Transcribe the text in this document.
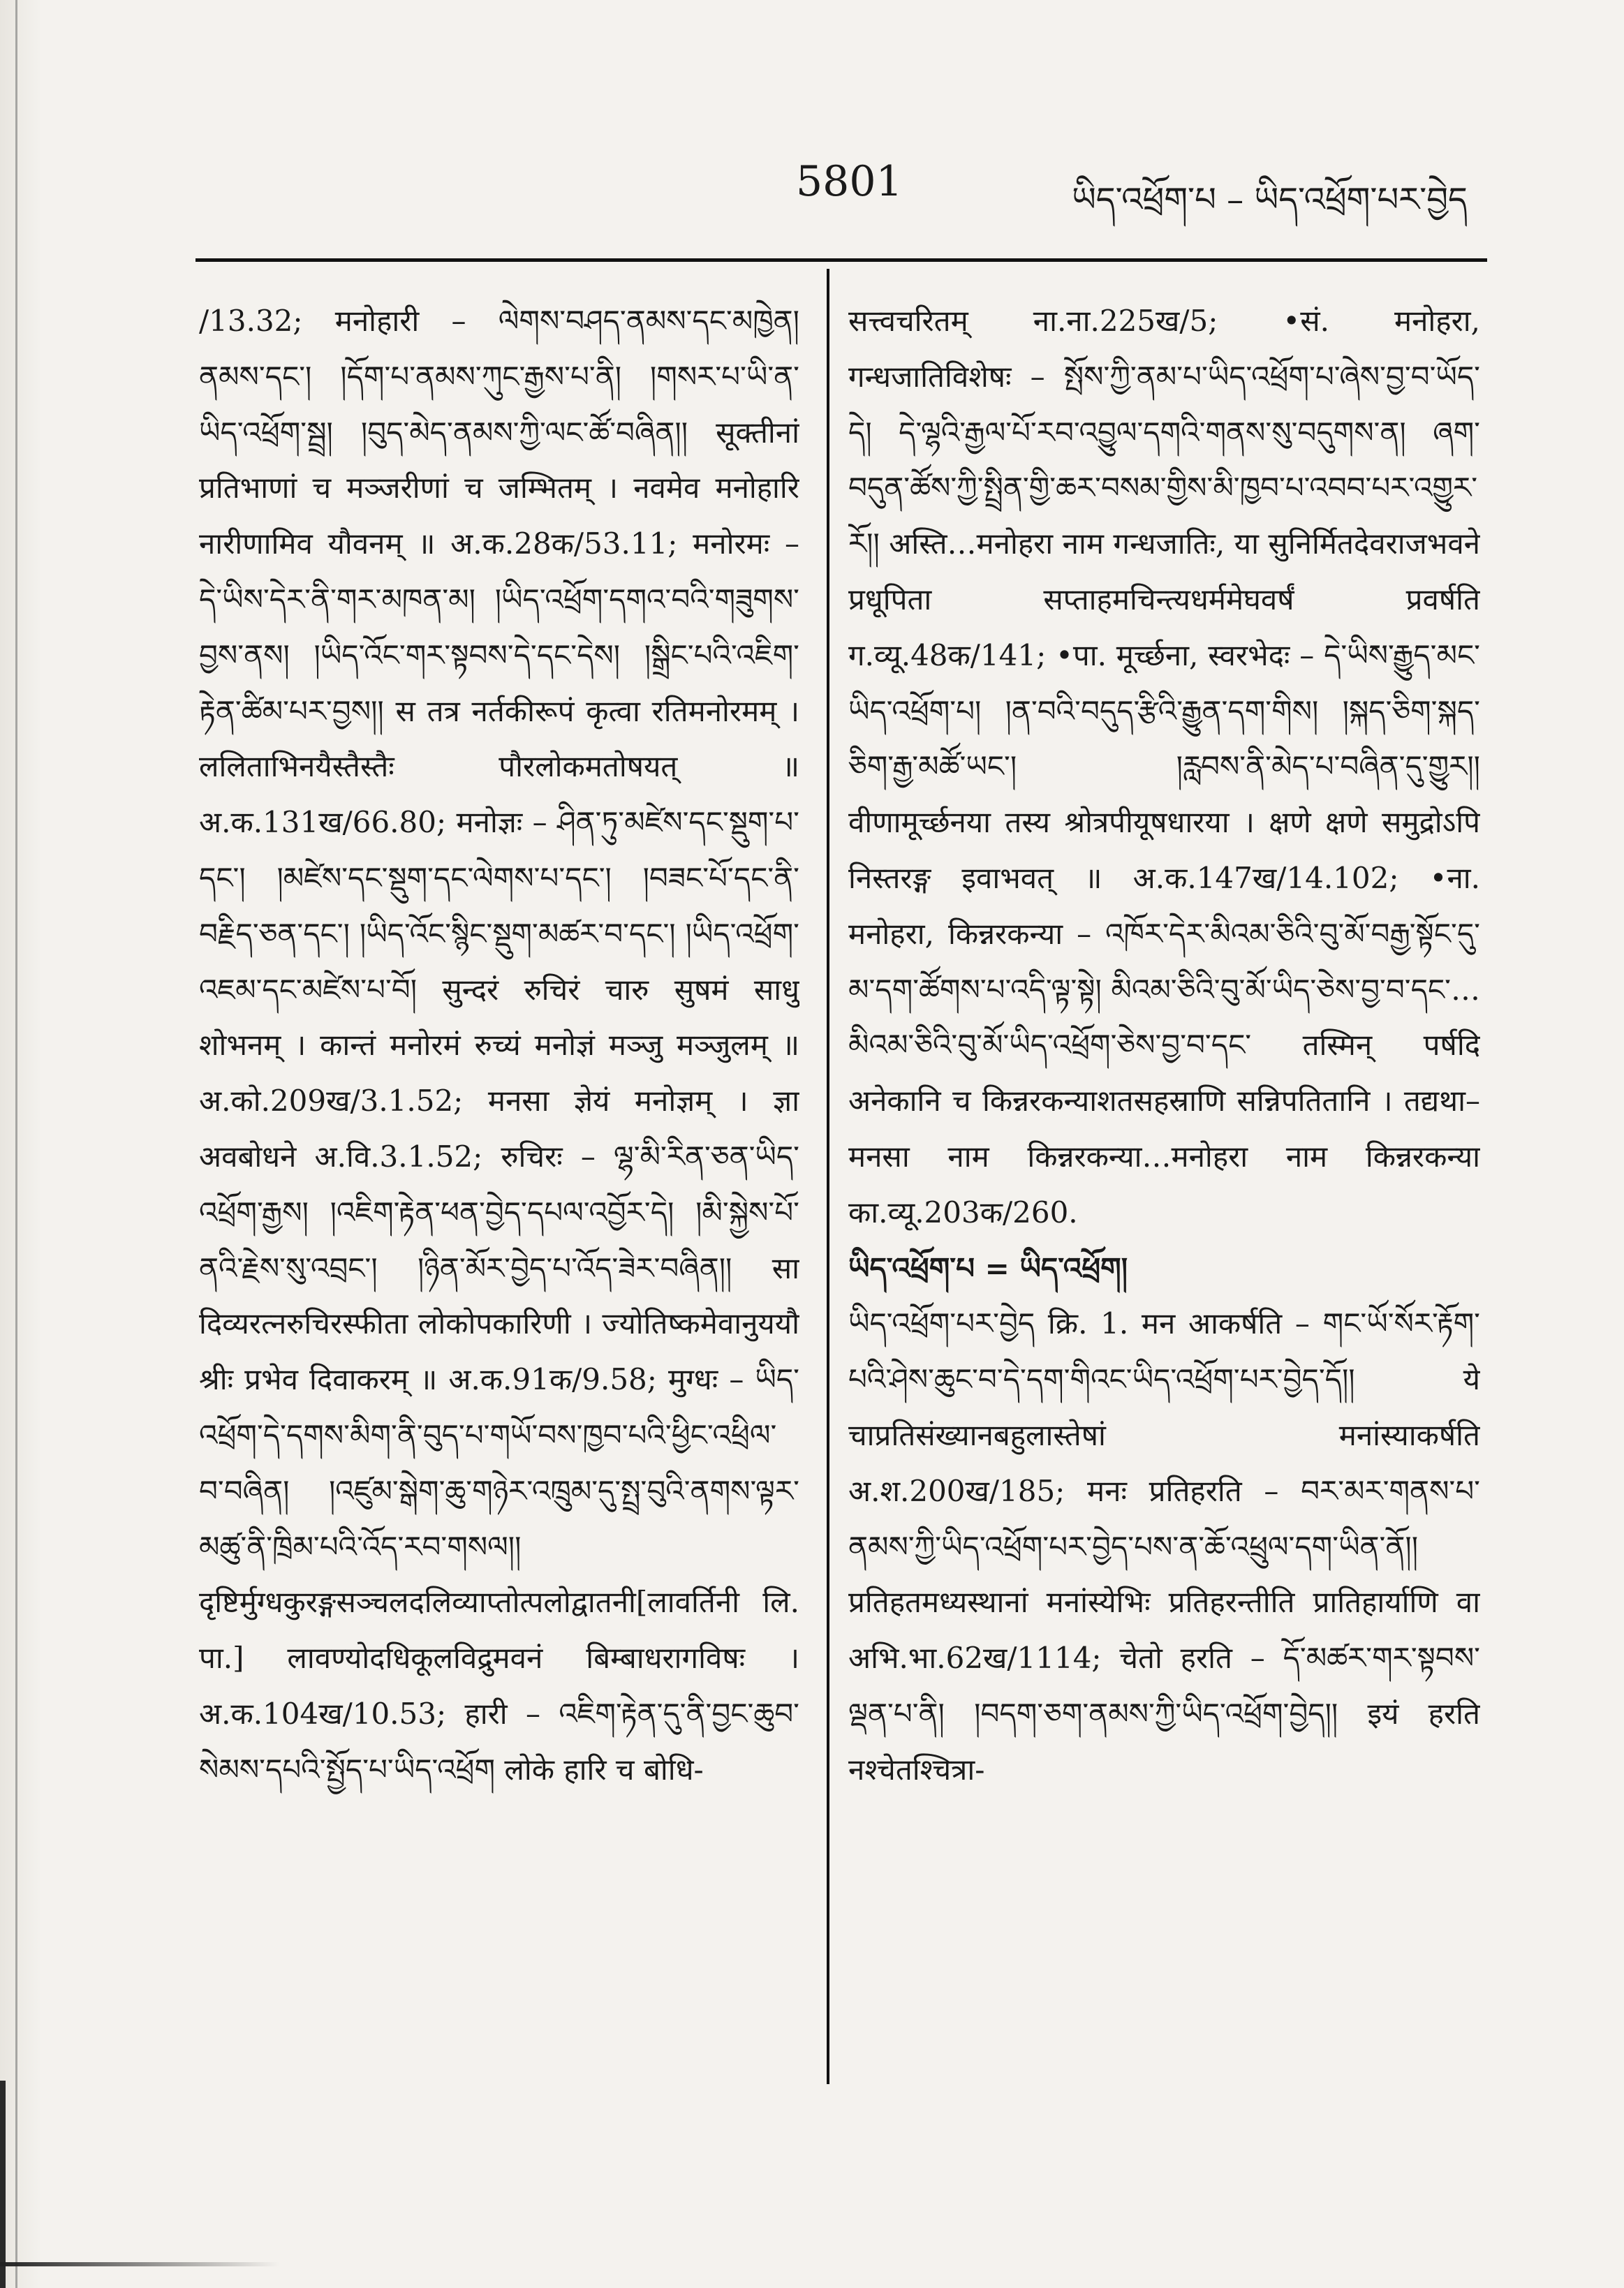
5801	ཡིད་འཕྲོག་པ – ཡིད་འཕྲོག་པར་བྱེད

/13.32; मनोहारी – ལེགས་བཤད་ནམས་དང་མཁྱེན། ནམས་དང་། །དོག་པ་ནམས་ཀུང་རྒྱས་པ་ནི། །གསར་པ་ཡི་ན་ཡིད་འཕྲོག་སྦྲ། །བུད་མེད་ནམས་ཀྱི་ལང་ཚོ་བཞིན།། सूक्तीनां प्रतिभाणां च मञ्जरीणां च जम्भितम् । नवमेव मनोहारि नारीणामिव यौवनम् ॥ अ.क.28क/53.11; मनोरमः – དེ་ཡིས་དེར་ནི་གར་མཁན་མ། །ཡིད་འཕྲོག་དགའ་བའི་གཟུགས་བྱས་ནས། །ཡིད་འོང་གར་སྟབས་དེ་དང་དེས། །སྒྲིང་པའི་འཇིག་རྟེན་ཚིམ་པར་བྱས།། स तत्र नर्तकीरूपं कृत्वा रतिमनोरमम् । ललिताभिनयैस्तैस्तैः पौरलोकमतोषयत् ॥ अ.क.131ख/66.80; मनोज्ञः – ཤིན་ཏུ་མཛེས་དང་སྡུག་པ་དང་། །མཛེས་དང་སྡུག་དང་ལེགས་པ་དང་། །བཟང་པོ་དང་ནི་བརྗིད་ཅན་དང་། །ཡིད་འོང་སྙིང་སྡུག་མཚར་བ་དང་། །ཡིད་འཕྲོག་འཇམ་དང་མཛེས་པ་བོ། सुन्दरं रुचिरं चारु सुषमं साधु शोभनम् । कान्तं मनोरमं रुच्यं मनोज्ञं मञ्जु मञ्जुलम् ॥ अ.को.209ख/3.1.52; मनसा ज्ञेयं मनोज्ञम् । ज्ञा अवबोधने अ.वि.3.1.52; रुचिरः – ལྷ་མི་རིན་ཅན་ཡིད་འཕྲོག་རྒྱས། །འཇིག་རྟེན་ཕན་བྱེད་དཔལ་འབྱོར་དེ། །མི་སྐྱེས་པོ་ནའི་རྗེས་སུ་འབྲང་། །ཉིན་མོར་བྱེད་པ་འོད་ཟེར་བཞིན།། सा दिव्यरत्नरुचिरस्फीता लोकोपकारिणी । ज्योतिष्कमेवानुययौ श्रीः प्रभेव दिवाकरम् ॥ अ.क.91क/9.58; मुग्धः – ཡིད་འཕྲོག་དེ་དགས་མིག་ནི་བུད་པ་གཡོ་བས་ཁྱབ་པའི་ཕྱིང་འཕྲིལ་བ་བཞིན། །འཛུམ་སྒེག་ཆུ་གཉེར་འཁྲུམ་དུ་སྤྲ་བུའི་ནགས་ལྟར་མཚུ་ནི་ཁྲིམ་པའི་འོད་རབ་གསལ།། दृष्टिर्मुग्धकुरङ्गसञ्चलदलिव्याप्तोत्पलोद्वातनी[लावर्तिनी लि. पा.] लावण्योदधिकूलविद्रुमवनं बिम्बाधरागविषः । अ.क.104ख/10.53; हारी – འཇིག་རྟེན་དུ་ནི་བྱང་ཆུབ་སེམས་དཔའི་སྤྱོད་པ་ཡིད་འཕྲོག लोके हारि च बोधि-

सत्त्वचरितम् ना.ना.225ख/5; •सं. मनोहरा, गन्धजातिविशेषः – སྤོས་ཀྱི་ནམ་པ་ཡིད་འཕྲོག་པ་ཞེས་བྱ་བ་ཡོད་དེ། དེ་ལྷའི་རྒྱལ་པོ་རབ་འབྱུལ་དགའི་གནས་སུ་བདུགས་ན། ཞག་བདུན་ཚོས་ཀྱི་སྤྲིན་གྱི་ཆར་བསམ་གྱིས་མི་ཁྱབ་པ་འབབ་པར་འགྱུར་རོ།། अस्ति…मनोहरा नाम गन्धजातिः, या सुनिर्मितदेवराजभवने प्रधूपिता सप्ताहमचिन्त्यधर्ममेघवर्षं प्रवर्षति ग.व्यू.48क/141; •पा. मूर्च्छना, स्वरभेदः – དེ་ཡིས་རྒྱུད་མང་ཡིད་འཕྲོག་པ། །ན་བའི་བདུད་རྩིའི་རྒྱུན་དག་གིས། །སྐད་ཅིག་སྐད་ཅིག་རྒྱ་མཚོ་ཡང་། །རླབས་ནི་མེད་པ་བཞིན་དུ་གྱུར།། वीणामूर्च्छनया तस्य श्रोत्रपीयूषधारया । क्षणे क्षणे समुद्रोऽपि निस्तरङ्ग इवाभवत् ॥ अ.क.147ख/14.102; •ना. मनोहरा, किन्नरकन्या – འཁོར་དེར་མིའམ་ཅིའི་བུ་མོ་བརྒྱ་སྟོང་དུ་མ་དག་ཚོགས་པ་འདི་ལྟ་སྟེ། མིའམ་ཅིའི་བུ་མོ་ཡིད་ཅེས་བྱ་བ་དང་…མིའམ་ཅིའི་བུ་མོ་ཡིད་འཕྲོག་ཅེས་བྱ་བ་དང་ तस्मिन् पर्षदि अनेकानि च किन्नरकन्याशतसहस्राणि सन्निपतितानि । तद्यथा–मनसा नाम किन्नरकन्या…मनोहरा नाम किन्नरकन्या का.व्यू.203क/260.

ཡིད་འཕྲོག་པ = ཡིད་འཕྲོག།

ཡིད་འཕྲོག་པར་བྱེད क्रि. 1. मन आकर्षति – གང་ཡོ་སོར་རྟོག་པའི་ཤེས་ཆུང་བ་དེ་དག་གིའང་ཡིད་འཕྲོག་པར་བྱེད་དོ།། ये चाप्रतिसंख्यानबहुलास्तेषां मनांस्याकर्षति अ.श.200ख/185; मनः प्रतिहरति – བར་མར་གནས་པ་ནམས་ཀྱི་ཡིད་འཕྲོག་པར་བྱེད་པས་ན་ཆོ་འཕྲུལ་དག་ཡིན་ནོ།། प्रतिहतमध्यस्थानां मनांस्येभिः प्रतिहरन्तीति प्रातिहार्याणि वा अभि.भा.62ख/1114; चेतो हरति – དོ་མཚར་གར་སྟབས་ལྡན་པ་ནི། །བདག་ཅག་ནམས་ཀྱི་ཡིད་འཕྲོག་བྱེད།། इयं हरति नश्चेतश्चित्रा-
